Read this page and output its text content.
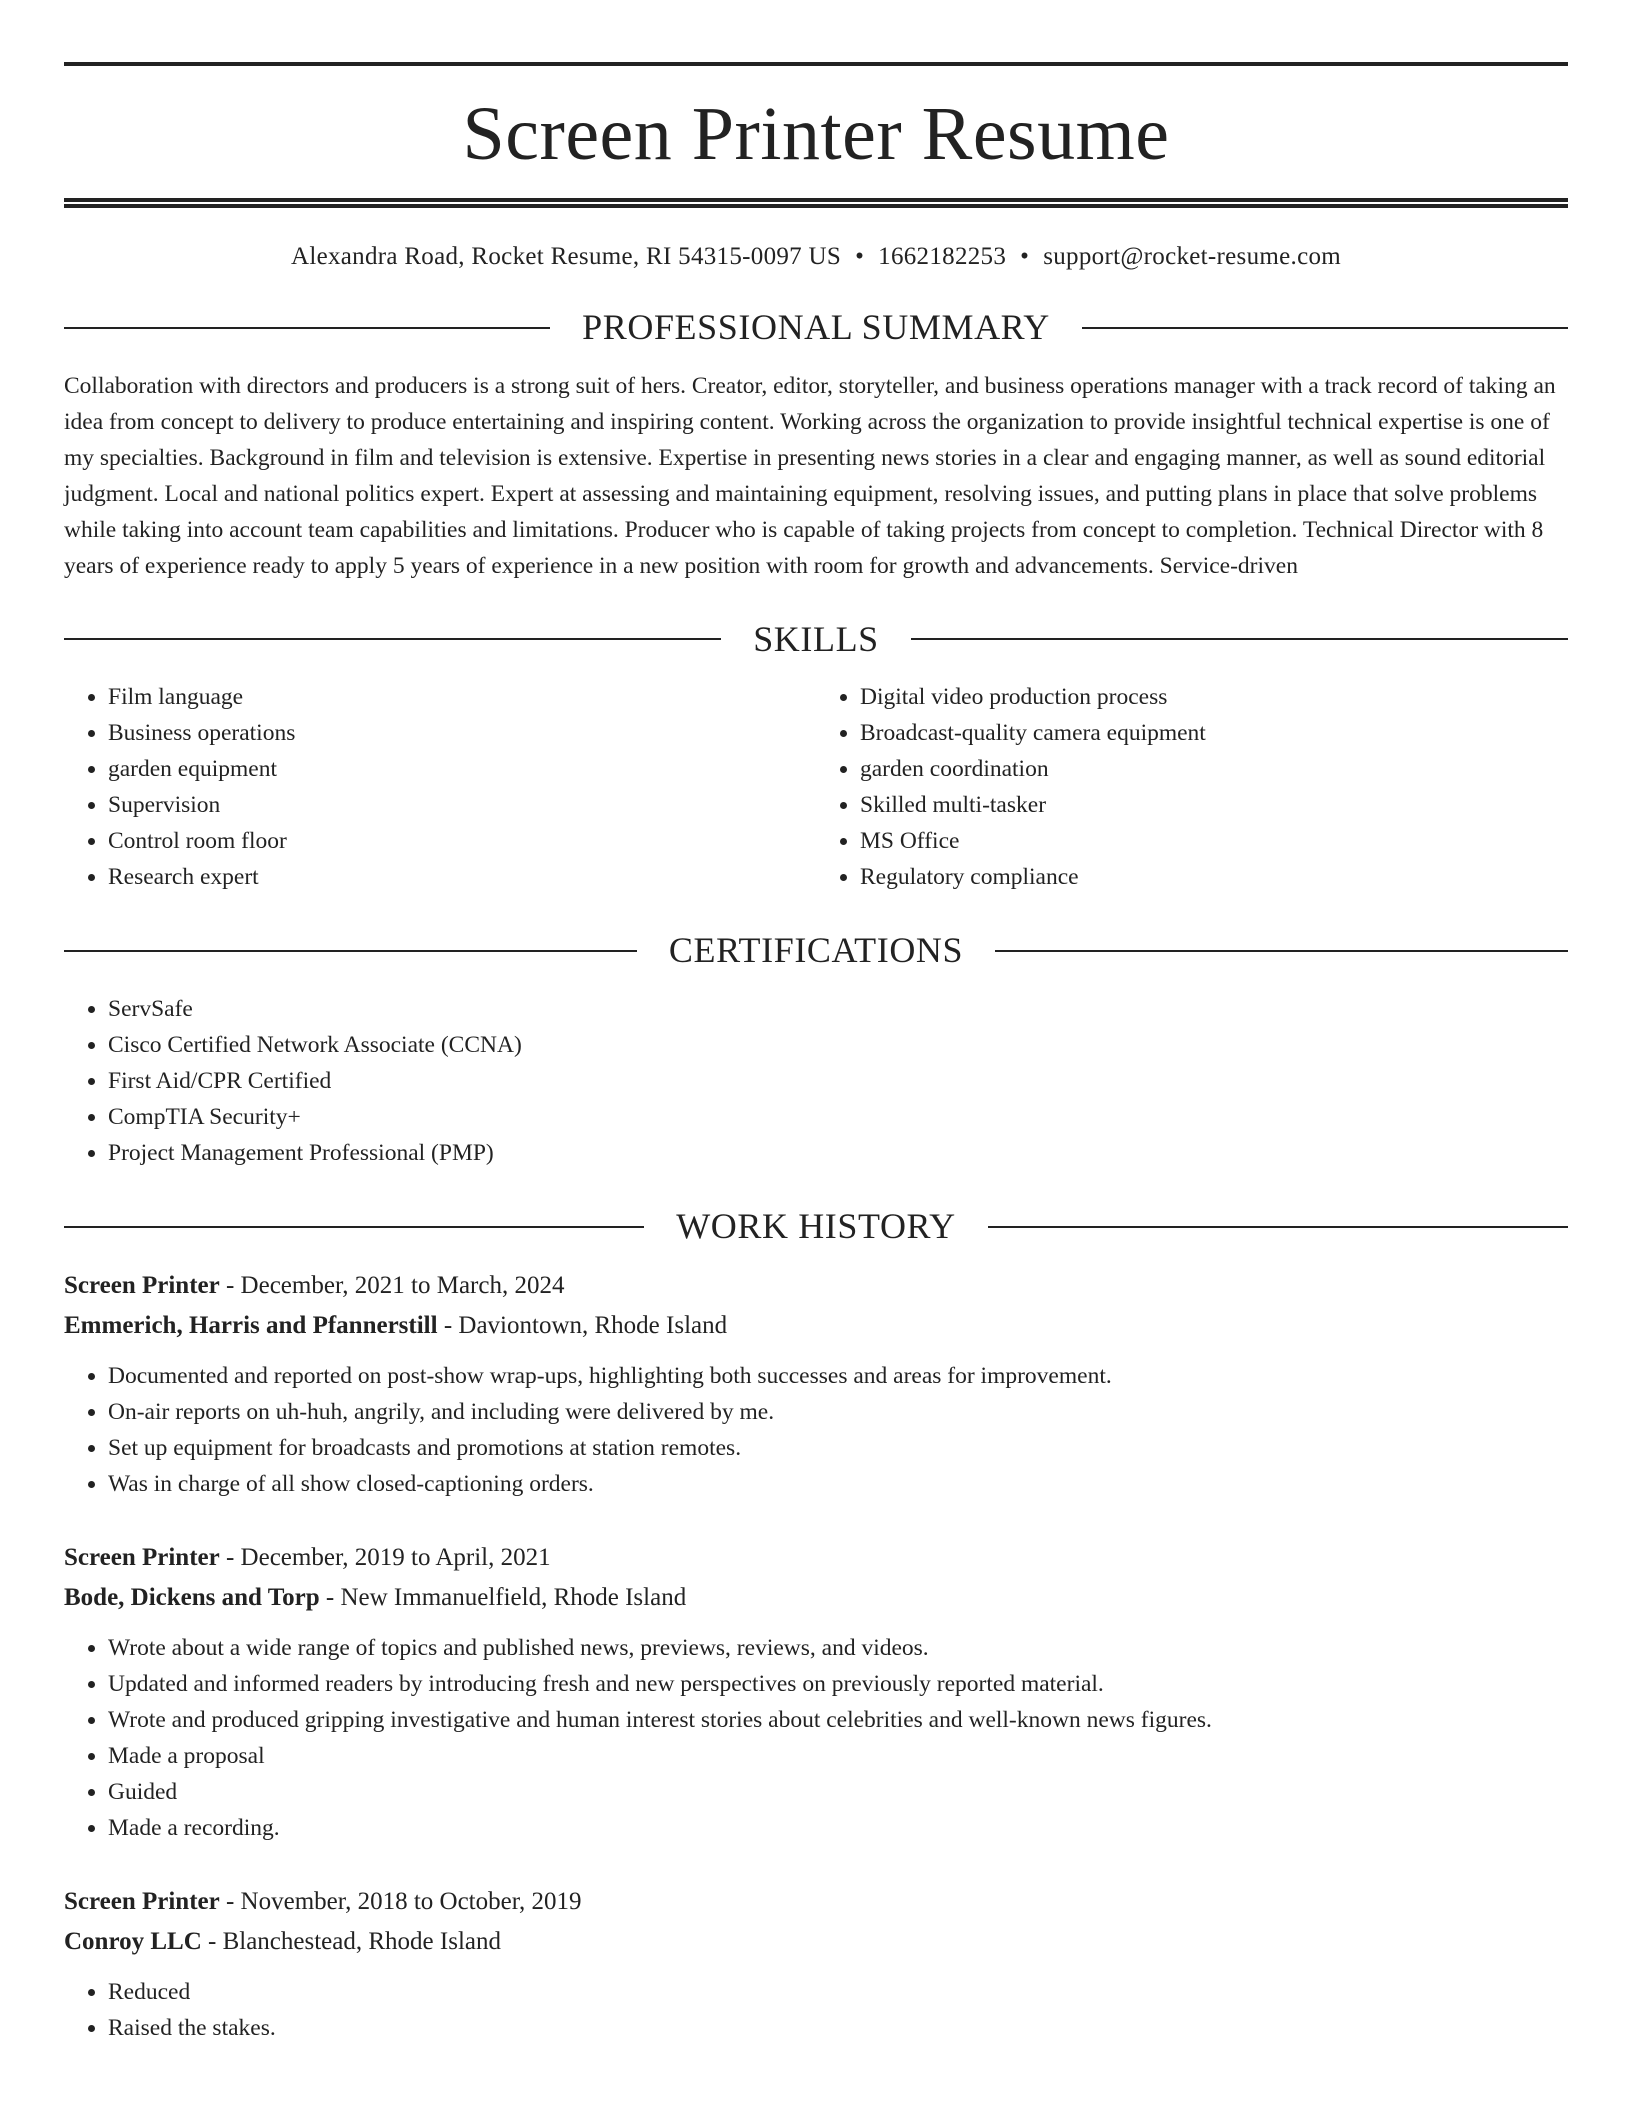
Screen Printer Resume
Alexandra Road, Rocket Resume, RI 54315-0097 US • 1662182253 • support@rocket-resume.com
PROFESSIONAL SUMMARY
Collaboration with directors and producers is a strong suit of hers. Creator, editor, storyteller, and business operations manager with a track record of taking an idea from concept to delivery to produce entertaining and inspiring content. Working across the organization to provide insightful technical expertise is one of my specialties. Background in film and television is extensive. Expertise in presenting news stories in a clear and engaging manner, as well as sound editorial judgment. Local and national politics expert. Expert at assessing and maintaining equipment, resolving issues, and putting plans in place that solve problems while taking into account team capabilities and limitations. Producer who is capable of taking projects from concept to completion. Technical Director with 8 years of experience ready to apply 5 years of experience in a new position with room for growth and advancements. Service-driven
SKILLS
• Film language
• Business operations
• garden equipment
• Supervision
• Control room floor
• Research expert
• Digital video production process
• Broadcast-quality camera equipment
• garden coordination
• Skilled multi-tasker
• MS Office
• Regulatory compliance
CERTIFICATIONS
• ServSafe
• Cisco Certified Network Associate (CCNA)
• First Aid/CPR Certified
• CompTIA Security+
• Project Management Professional (PMP)
WORK HISTORY
Screen Printer - December, 2021 to March, 2024
Emmerich, Harris and Pfannerstill - Daviontown, Rhode Island
• Documented and reported on post-show wrap-ups, highlighting both successes and areas for improvement.
• On-air reports on uh-huh, angrily, and including were delivered by me.
• Set up equipment for broadcasts and promotions at station remotes.
• Was in charge of all show closed-captioning orders.
Screen Printer - December, 2019 to April, 2021
Bode, Dickens and Torp - New Immanuelfield, Rhode Island
• Wrote about a wide range of topics and published news, previews, reviews, and videos.
• Updated and informed readers by introducing fresh and new perspectives on previously reported material.
• Wrote and produced gripping investigative and human interest stories about celebrities and well-known news figures.
• Made a proposal
• Guided
• Made a recording.
Screen Printer - November, 2018 to October, 2019
Conroy LLC - Blanchestead, Rhode Island
• Reduced
• Raised the stakes.
